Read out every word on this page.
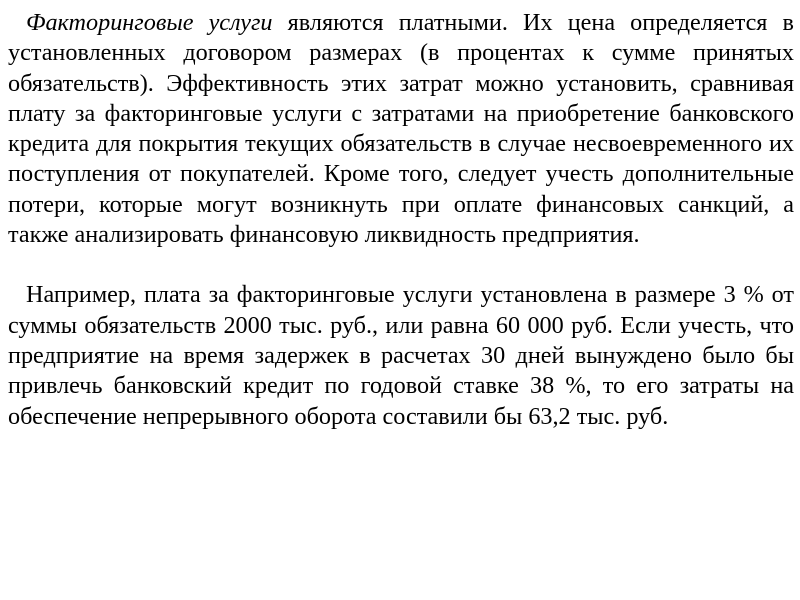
Факторинговые услуги являются платными. Их цена определяется в установленных договором размерах (в процентах к сумме принятых обязательств). Эффективность этих затрат можно установить, сравнивая плату за факторинговые услуги с затратами на приобретение банковского кредита для покрытия текущих обязательств в случае несвоевременного их поступления от покупателей. Кроме того, следует учесть дополнительные потери, которые могут возникнуть при оплате финансовых санкций, а также анализировать финансовую ликвидность предприятия.

Например, плата за факторинговые услуги установлена в размере 3 % от суммы обязательств 2000 тыс. руб., или равна 60 000 руб. Если учесть, что предприятие на время задержек в расчетах 30 дней вынуждено было бы привлечь банковский кредит по годовой ставке 38 %, то его затраты на обеспечение непрерывного оборота составили бы 63,2 тыс. руб.
